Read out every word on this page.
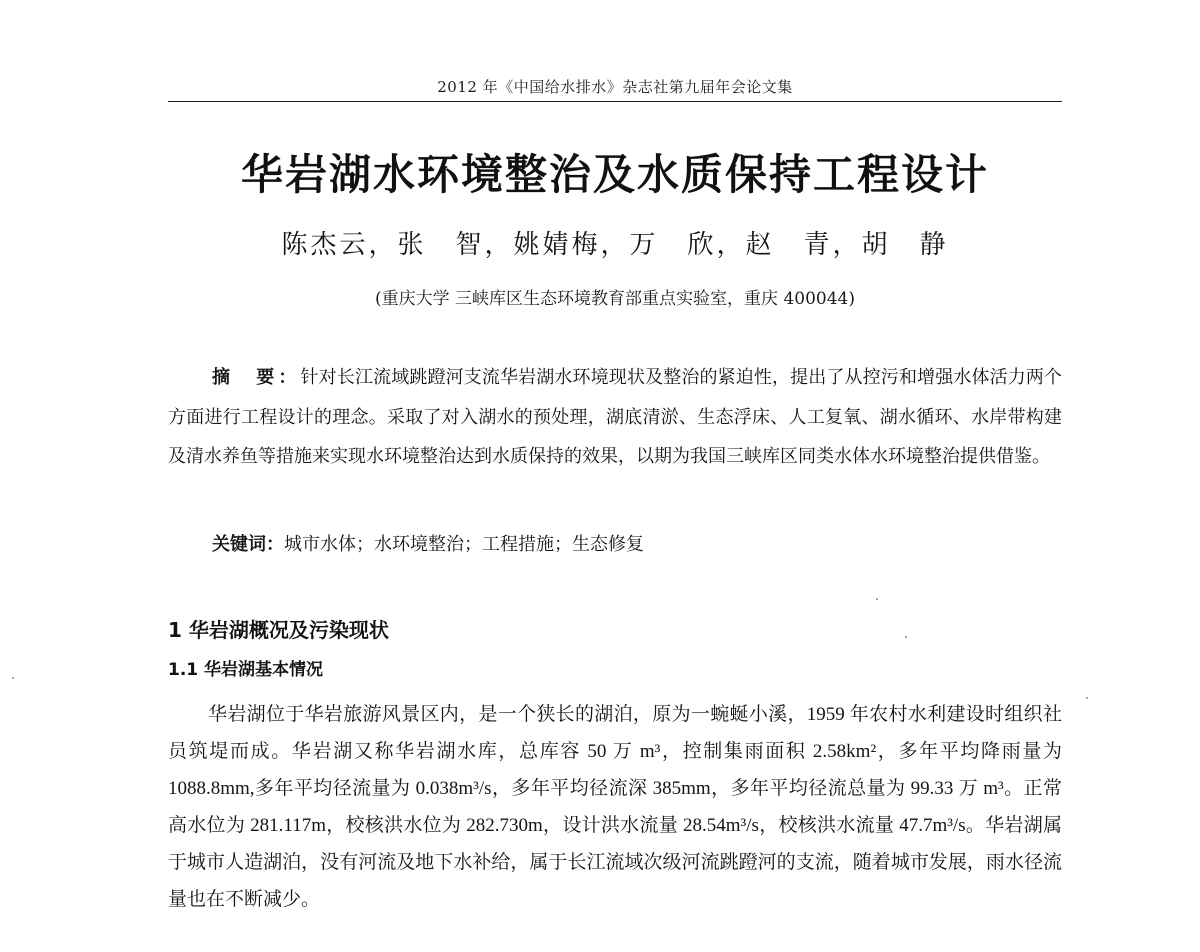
2012 年《中国给水排水》杂志社第九届年会论文集
华岩湖水环境整治及水质保持工程设计
陈杰云，张　智，姚婧梅，万　欣，赵　青，胡　静
(重庆大学 三峡库区生态环境教育部重点实验室，重庆 400044)

摘　要：针对长江流域跳蹬河支流华岩湖水环境现状及整治的紧迫性，提出了从控污和增强水体活力两个方面进行工程设计的理念。采取了对入湖水的预处理，湖底清淤、生态浮床、人工复氧、湖水循环、水岸带构建及清水养鱼等措施来实现水环境整治达到水质保持的效果，以期为我国三峡库区同类水体水环境整治提供借鉴。

关键词：城市水体；水环境整治；工程措施；生态修复
1 华岩湖概况及污染现状
1.1 华岩湖基本情况

华岩湖位于华岩旅游风景区内，是一个狭长的湖泊，原为一蜿蜒小溪，1959 年农村水利建设时组织社员筑堤而成。华岩湖又称华岩湖水库，总库容 50 万 m³，控制集雨面积 2.58km²，多年平均降雨量为 1088.8mm,多年平均径流量为 0.038m³/s，多年平均径流深 385mm，多年平均径流总量为 99.33 万 m³。正常高水位为 281.117m，校核洪水位为 282.730m，设计洪水流量 28.54m³/s，校核洪水流量 47.7m³/s。华岩湖属于城市人造湖泊，没有河流及地下水补给，属于长江流域次级河流跳蹬河的支流，随着城市发展，雨水径流量也在不断减少。
